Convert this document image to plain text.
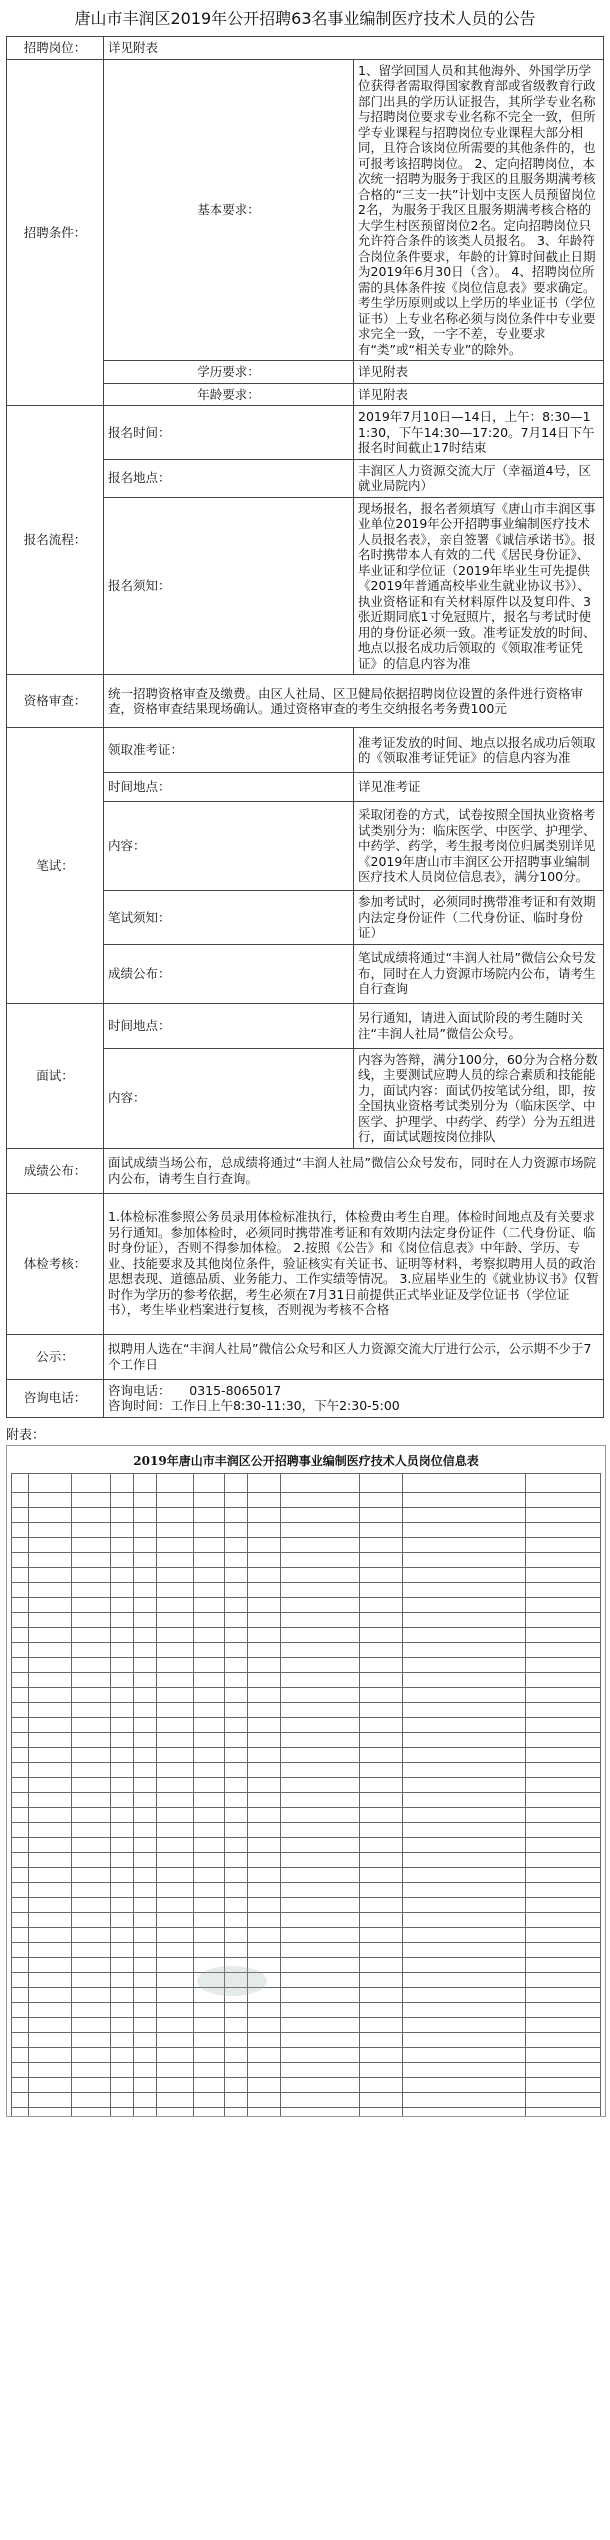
唐山市丰润区2019年公开招聘63名事业编制医疗技术人员的公告
招聘岗位：	详见附表	
招聘条件：	基本要求：	1、留学回国人员和其他海外、外国学历学位获得者需取得国家教育部或省级教育行政部门出具的学历认证报告，其所学专业名称与招聘岗位要求专业名称不完全一致，但所学专业课程与招聘岗位专业课程大部分相同，且符合该岗位所需要的其他条件的，也可报考该招聘岗位。 2、定向招聘岗位，本次统一招聘为服务于我区的且服务期满考核合格的“三支一扶”计划中支医人员预留岗位2名，为服务于我区且服务期满考核合格的大学生村医预留岗位2名。定向招聘岗位只允许符合条件的该类人员报名。 3、年龄符合岗位条件要求，年龄的计算时间截止日期为2019年6月30日（含）。 4、招聘岗位所需的具体条件按《岗位信息表》要求确定。考生学历原则或以上学历的毕业证书（学位证书）上专业名称必须与岗位条件中专业要求完全一致，一字不差，专业要求有“类”或“相关专业”的除外。
	学历要求：	详见附表
	年龄要求：	详见附表
报名流程：	报名时间：	2019年7月10日—14日，上午：8:30—11:30，下午14:30—17:20。7月14日下午报名时间截止17时结束
	报名地点：	丰润区人力资源交流大厅（幸福道4号，区就业局院内）
	报名须知：	现场报名，报名者须填写《唐山市丰润区事业单位2019年公开招聘事业编制医疗技术人员报名表》，亲自签署《诚信承诺书》。报名时携带本人有效的二代《居民身份证》、毕业证和学位证（2019年毕业生可先提供《2019年普通高校毕业生就业协议书》）、执业资格证和有关材料原件以及复印件、3张近期同底1寸免冠照片，报名与考试时使用的身份证必须一致。准考证发放的时间、地点以报名成功后领取的《领取准考证凭证》的信息内容为准
资格审查：	统一招聘资格审查及缴费。由区人社局、区卫健局依据招聘岗位设置的条件进行资格审查，资格审查结果现场确认。通过资格审查的考生交纳报名考务费100元	
笔试：	领取准考证：	准考证发放的时间、地点以报名成功后领取的《领取准考证凭证》的信息内容为准
	时间地点：	详见准考证
	内容：	采取闭卷的方式，试卷按照全国执业资格考试类别分为：临床医学、中医学、护理学、中药学、药学，考生报考岗位归属类别详见《2019年唐山市丰润区公开招聘事业编制医疗技术人员岗位信息表》，满分100分。
	笔试须知：	参加考试时，必须同时携带准考证和有效期内法定身份证件（二代身份证、临时身份证）
	成绩公布：	笔试成绩将通过“丰润人社局”微信公众号发布，同时在人力资源市场院内公布，请考生自行查询
面试：	时间地点：	另行通知，请进入面试阶段的考生随时关注“丰润人社局”微信公众号。
	内容：	内容为答辩，满分100分，60分为合格分数线，主要测试应聘人员的综合素质和技能能力，面试内容：面试仍按笔试分组，即，按全国执业资格考试类别分为（临床医学、中医学、护理学、中药学、药学）分为五组进行，面试试题按岗位排队
成绩公布：	面试成绩当场公布，总成绩将通过“丰润人社局”微信公众号发布，同时在人力资源市场院内公布，请考生自行查询。	
体检考核：	1.体检标准参照公务员录用体检标准执行，体检费由考生自理。体检时间地点及有关要求另行通知。参加体检时，必须同时携带准考证和有效期内法定身份证件（二代身份证、临时身份证），否则不得参加体检。 2.按照《公告》和《岗位信息表》中年龄、学历、专业、技能要求及其他岗位条件，验证核实有关证书、证明等材料，考察拟聘用人员的政治思想表现、道德品质、业务能力、工作实绩等情况。 3.应届毕业生的《就业协议书》仅暂时作为学历的参考依据，考生必须在7月31日前提供正式毕业证及学位证书（学位证书），考生毕业档案进行复核，否则视为考核不合格	
公示：	拟聘用人选在“丰润人社局”微信公众号和区人力资源交流大厅进行公示，公示期不少于7个工作日	
咨询电话：	咨询电话：　　0315-8065017
咨询时间：工作日上午8:30-11:30，下午2:30-5:00	
附表：
2019年唐山市丰润区公开招聘事业编制医疗技术人员岗位信息表
